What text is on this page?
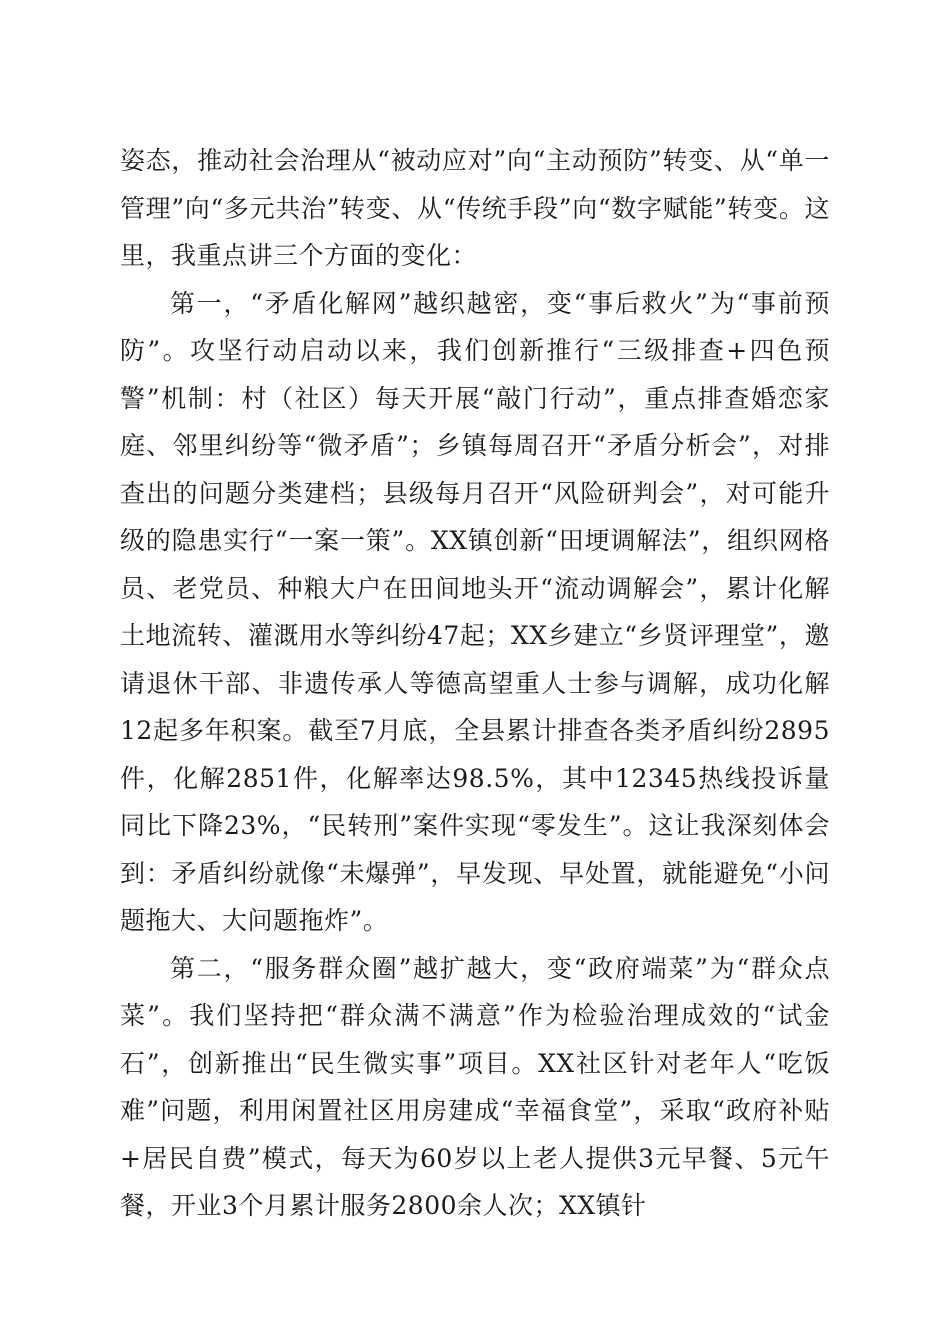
姿态，推动社会治理从“被动应对”向“主动预防”转变、从“单一管理”向“多元共治”转变、从“传统手段”向“数字赋能”转变。这里，我重点讲三个方面的变化：

第一，“矛盾化解网”越织越密，变“事后救火”为“事前预防”。攻坚行动启动以来，我们创新推行“三级排查+四色预警”机制：村（社区）每天开展“敲门行动”，重点排查婚恋家庭、邻里纠纷等“微矛盾”；乡镇每周召开“矛盾分析会”，对排查出的问题分类建档；县级每月召开“风险研判会”，对可能升级的隐患实行“一案一策”。XX镇创新“田埂调解法”，组织网格员、老党员、种粮大户在田间地头开“流动调解会”，累计化解土地流转、灌溉用水等纠纷47起；XX乡建立“乡贤评理堂”，邀请退休干部、非遗传承人等德高望重人士参与调解，成功化解12起多年积案。截至7月底，全县累计排查各类矛盾纠纷2895件，化解2851件，化解率达98.5%，其中12345热线投诉量同比下降23%，“民转刑”案件实现“零发生”。这让我深刻体会到：矛盾纠纷就像“未爆弹”，早发现、早处置，就能避免“小问题拖大、大问题拖炸”。

第二，“服务群众圈”越扩越大，变“政府端菜”为“群众点菜”。我们坚持把“群众满不满意”作为检验治理成效的“试金石”，创新推出“民生微实事”项目。XX社区针对老年人“吃饭难”问题，利用闲置社区用房建成“幸福食堂”，采取“政府补贴+居民自费”模式，每天为60岁以上老人提供3元早餐、5元午餐，开业3个月累计服务2800余人次；XX镇针
